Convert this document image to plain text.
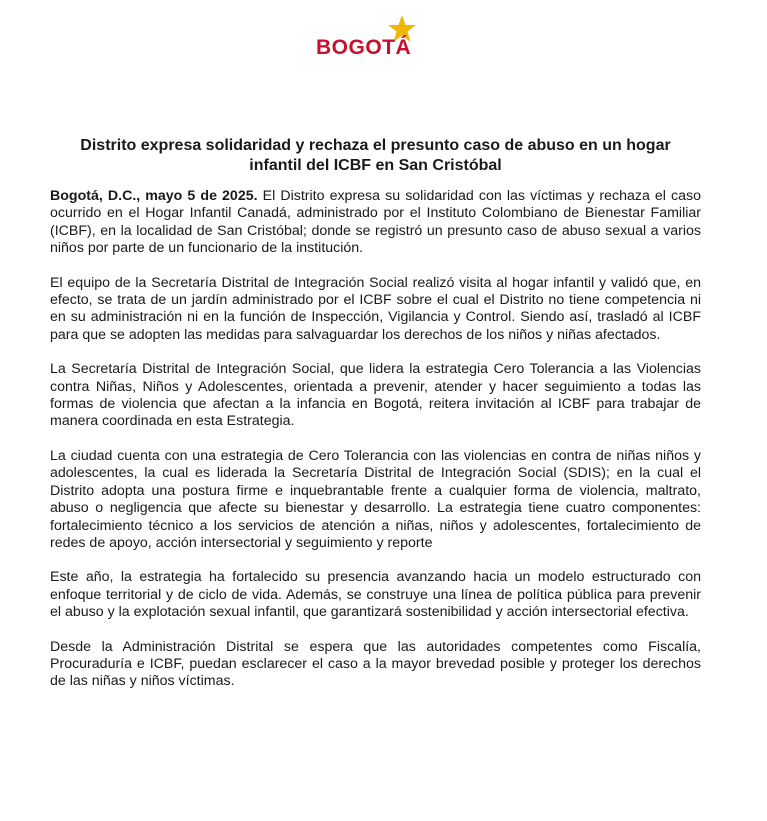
BOGOTÁ
Distrito expresa solidaridad y rechaza el presunto caso de abuso en un hogar infantil del ICBF en San Cristóbal

Bogotá, D.C., mayo 5 de 2025. El Distrito expresa su solidaridad con las víctimas y rechaza el caso ocurrido en el Hogar Infantil Canadá, administrado por el Instituto Colombiano de Bienestar Familiar (ICBF), en la localidad de San Cristóbal; donde se registró un presunto caso de abuso sexual a varios niños por parte de un funcionario de la institución.

El equipo de la Secretaría Distrital de Integración Social realizó visita al hogar infantil y validó que, en efecto, se trata de un jardín administrado por el ICBF sobre el cual el Distrito no tiene competencia ni en su administración ni en la función de Inspección, Vigilancia y Control. Siendo así, trasladó al ICBF para que se adopten las medidas para salvaguardar los derechos de los niños y niñas afectados.

La Secretaría Distrital de Integración Social, que lidera la estrategia Cero Tolerancia a las Violencias contra Niñas, Niños y Adolescentes, orientada a prevenir, atender y hacer seguimiento a todas las formas de violencia que afectan a la infancia en Bogotá, reitera invitación al ICBF para trabajar de manera coordinada en esta Estrategia.

La ciudad cuenta con una estrategia de Cero Tolerancia con las violencias en contra de niñas niños y adolescentes, la cual es liderada la Secretaría Distrital de Integración Social (SDIS); en la cual el Distrito adopta una postura firme e inquebrantable frente a cualquier forma de violencia, maltrato, abuso o negligencia que afecte su bienestar y desarrollo. La estrategia tiene cuatro componentes: fortalecimiento técnico a los servicios de atención a niñas, niños y adolescentes, fortalecimiento de redes de apoyo, acción intersectorial y seguimiento y reporte

Este año, la estrategia ha fortalecido su presencia avanzando hacia un modelo estructurado con enfoque territorial y de ciclo de vida. Además, se construye una línea de política pública para prevenir el abuso y la explotación sexual infantil, que garantizará sostenibilidad y acción intersectorial efectiva.

Desde la Administración Distrital se espera que las autoridades competentes como Fiscalía, Procuraduría e ICBF, puedan esclarecer el caso a la mayor brevedad posible y proteger los derechos de las niñas y niños víctimas.
